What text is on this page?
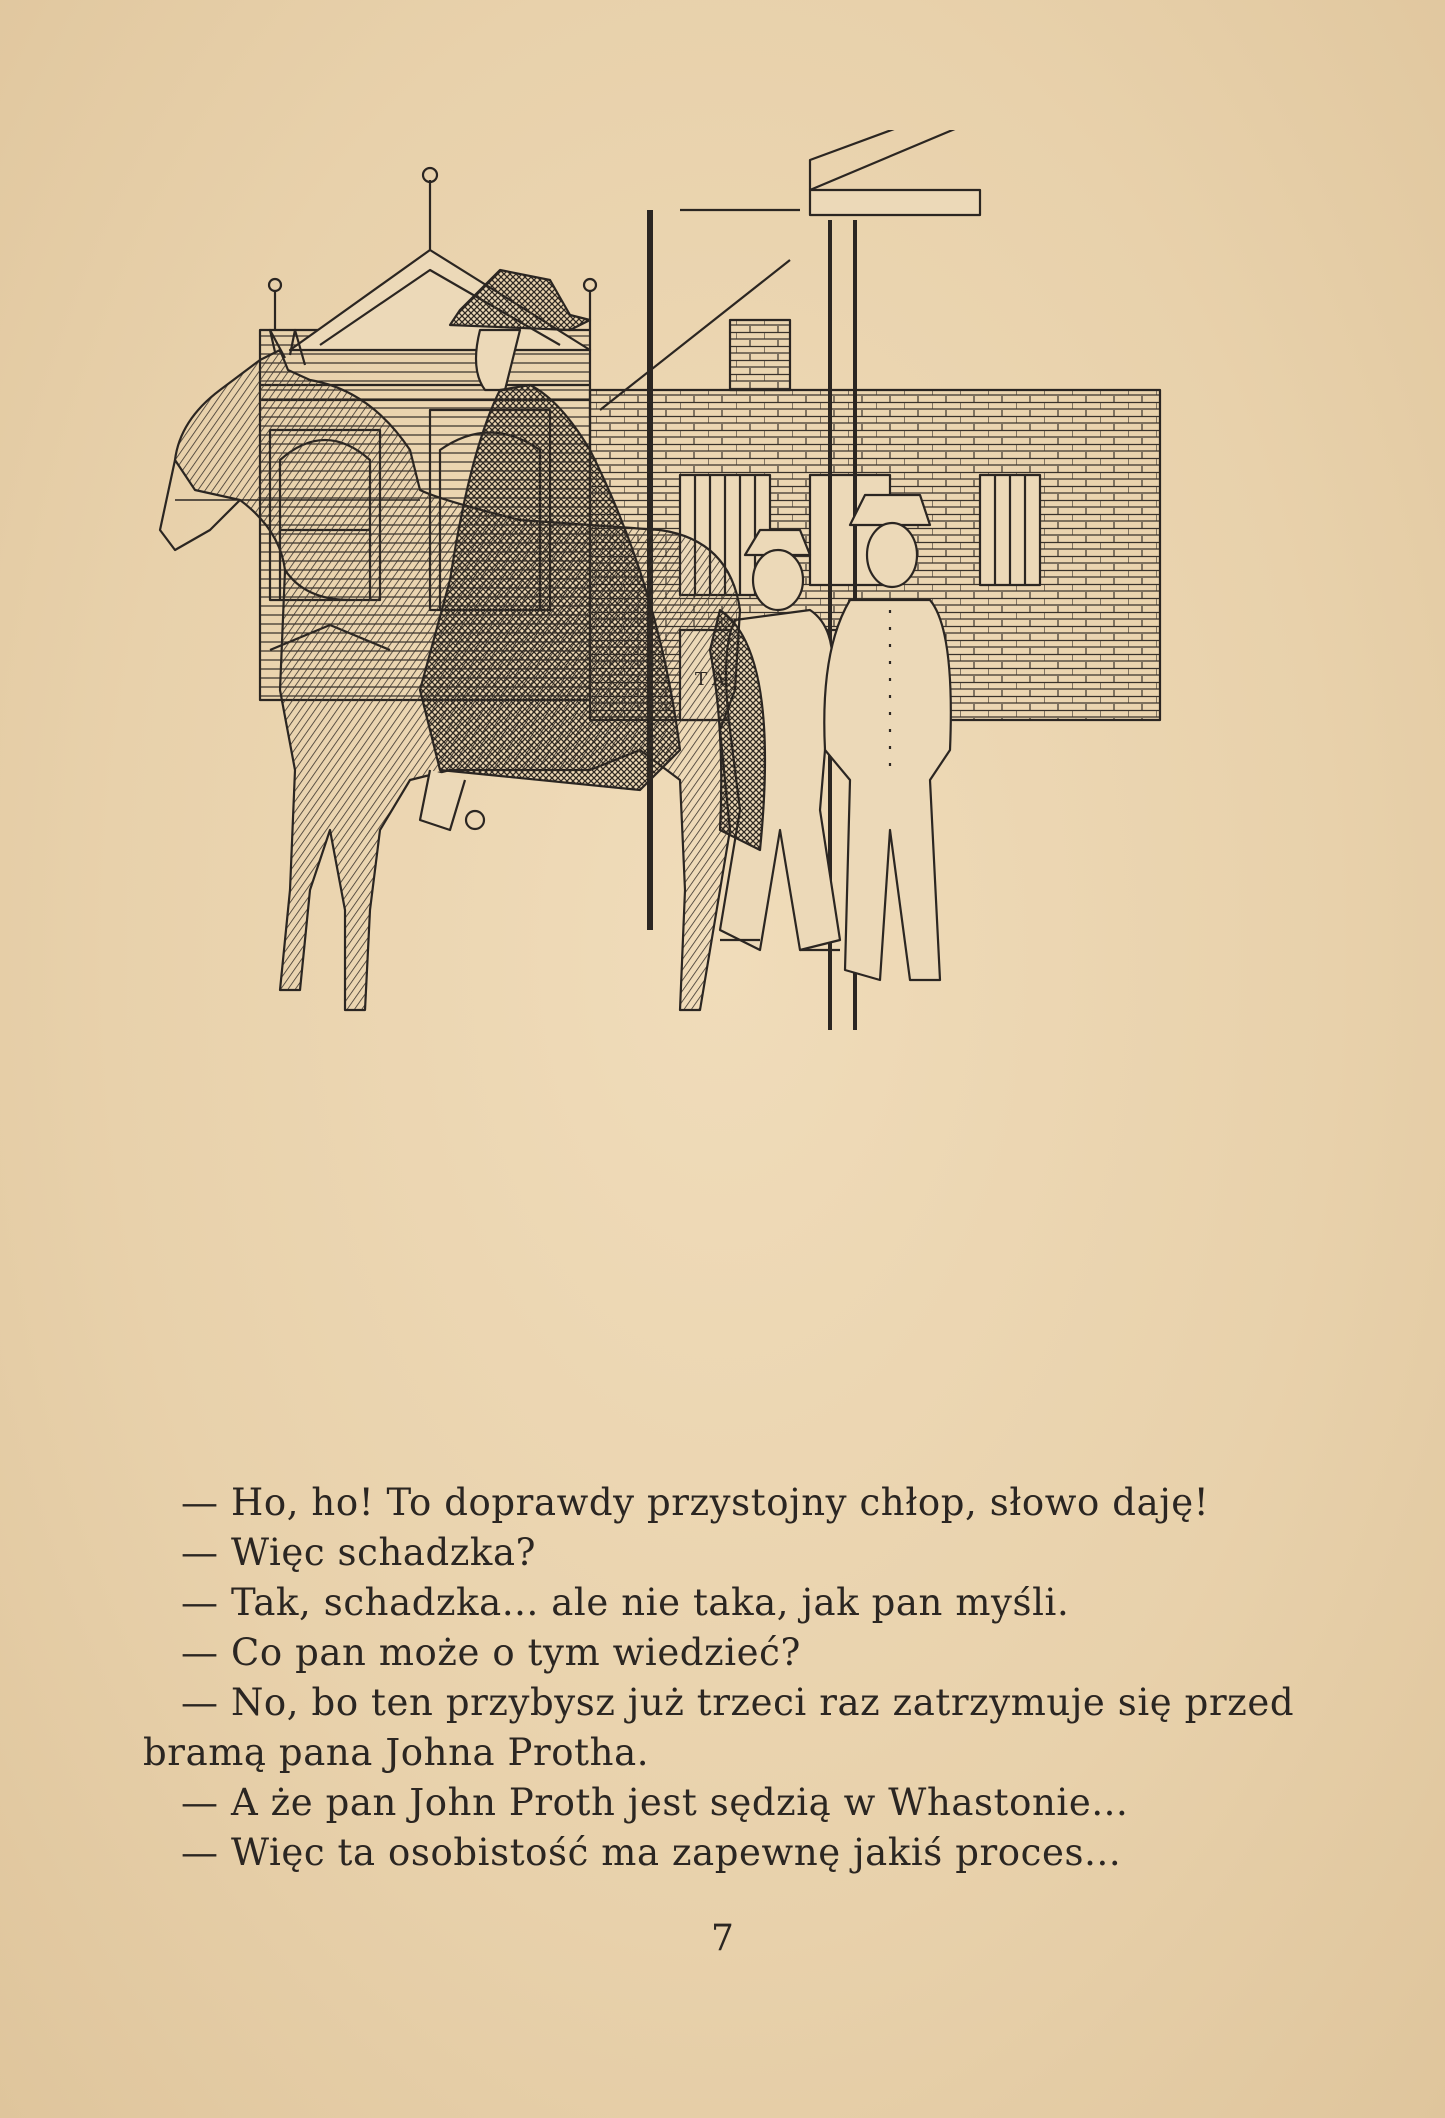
— Ho, ho! To doprawdy przystojny chłop, słowo daję!

— Więc schadzka?

— Tak, schadzka... ale nie taka, jak pan myśli.

— Co pan może o tym wiedzieć?

— No, bo ten przybysz już trzeci raz zatrzymuje się przed bramą pana Johna Protha.

— A że pan John Proth jest sędzią w Whastonie...

— Więc ta osobistość ma zapewnę jakiś proces...

7
